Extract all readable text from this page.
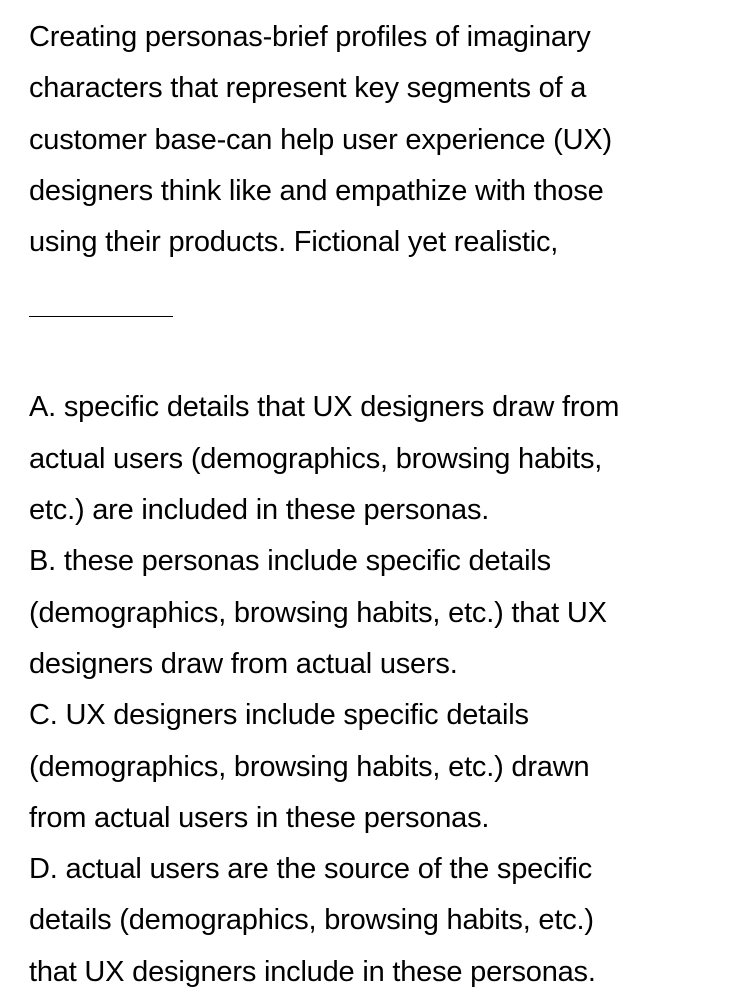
Creating personas-brief profiles of imaginary
characters that represent key segments of a
customer base-can help user experience (UX)
designers think like and empathize with those
using their products. Fictional yet realistic,

A. specific details that UX designers draw from
actual users (demographics, browsing habits,
etc.) are included in these personas.

B. these personas include specific details
(demographics, browsing habits, etc.) that UX
designers draw from actual users.

C. UX designers include specific details
(demographics, browsing habits, etc.) drawn
from actual users in these personas.

D. actual users are the source of the specific
details (demographics, browsing habits, etc.)
that UX designers include in these personas.
